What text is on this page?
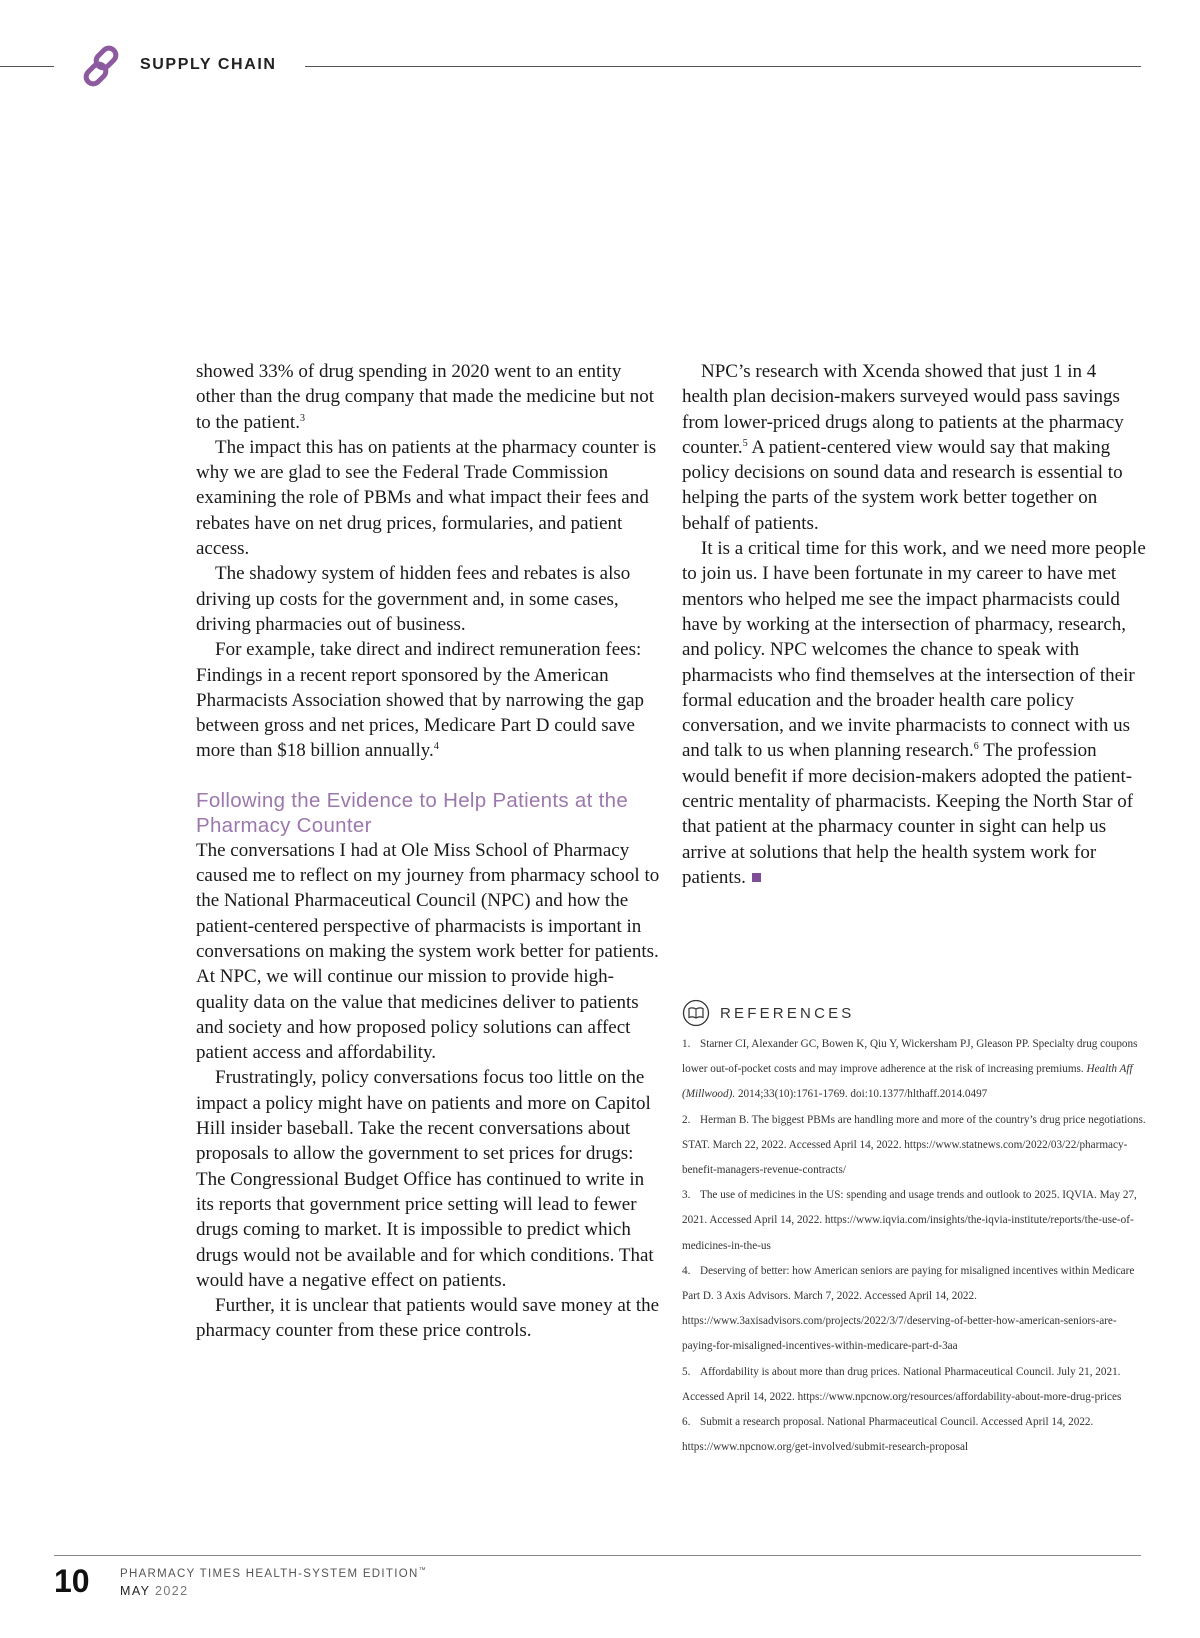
SUPPLY CHAIN

showed 33% of drug spending in 2020 went to an entity other than the drug company that made the medicine but not to the patient.$^3$

The impact this has on patients at the pharmacy counter is why we are glad to see the Federal Trade Commission examining the role of PBMs and what impact their fees and rebates have on net drug prices, formularies, and patient access.

The shadowy system of hidden fees and rebates is also driving up costs for the government and, in some cases, driving pharmacies out of business.

For example, take direct and indirect remuneration fees: Findings in a recent report sponsored by the American Pharmacists Association showed that by narrowing the gap between gross and net prices, Medicare Part D could save more than $18 billion annually.$^4$

Following the Evidence to Help Patients at the Pharmacy Counter

The conversations I had at Ole Miss School of Pharmacy caused me to reflect on my journey from pharmacy school to the National Pharmaceutical Council (NPC) and how the patient-centered perspective of pharmacists is important in conversations on making the system work better for patients. At NPC, we will continue our mission to provide high-quality data on the value that medicines deliver to patients and society and how proposed policy solutions can affect patient access and affordability.

Frustratingly, policy conversations focus too little on the impact a policy might have on patients and more on Capitol Hill insider baseball. Take the recent conversations about proposals to allow the government to set prices for drugs: The Congressional Budget Office has continued to write in its reports that government price setting will lead to fewer drugs coming to market. It is impossible to predict which drugs would not be available and for which conditions. That would have a negative effect on patients.

Further, it is unclear that patients would save money at the pharmacy counter from these price controls.

NPC’s research with Xcenda showed that just 1 in 4 health plan decision-makers surveyed would pass savings from lower-priced drugs along to patients at the pharmacy counter.$^5$ A patient-centered view would say that making policy decisions on sound data and research is essential to helping the parts of the system work better together on behalf of patients.

It is a critical time for this work, and we need more people to join us. I have been fortunate in my career to have met mentors who helped me see the impact pharmacists could have by working at the intersection of pharmacy, research, and policy. NPC welcomes the chance to speak with pharmacists who find themselves at the intersection of their formal education and the broader health care policy conversation, and we invite pharmacists to connect with us and talk to us when planning research.$^6$ The profession would benefit if more decision-makers adopted the patient-centric mentality of pharmacists. Keeping the North Star of that patient at the pharmacy counter in sight can help us arrive at solutions that help the health system work for patients.

REFERENCES
1. Starner CI, Alexander GC, Bowen K, Qiu Y, Wickersham PJ, Gleason PP. Specialty drug coupons lower out-of-pocket costs and may improve adherence at the risk of increasing premiums. Health Aff (Millwood). 2014;33(10):1761-1769. doi:10.1377/hlthaff.2014.0497
2. Herman B. The biggest PBMs are handling more and more of the country’s drug price negotiations. STAT. March 22, 2022. Accessed April 14, 2022. https://www.statnews.com/2022/03/22/pharmacy-benefit-managers-revenue-contracts/
3. The use of medicines in the US: spending and usage trends and outlook to 2025. IQVIA. May 27, 2021. Accessed April 14, 2022. https://www.iqvia.com/insights/the-iqvia-institute/reports/the-use-of-medicines-in-the-us
4. Deserving of better: how American seniors are paying for misaligned incentives within Medicare Part D. 3 Axis Advisors. March 7, 2022. Accessed April 14, 2022. https://www.3axisadvisors.com/projects/2022/3/7/deserving-of-better-how-american-seniors-are-paying-for-misaligned-incentives-within-medicare-part-d-3aa
5. Affordability is about more than drug prices. National Pharmaceutical Council. July 21, 2021. Accessed April 14, 2022. https://www.npcnow.org/resources/affordability-about-more-drug-prices
6. Submit a research proposal. National Pharmaceutical Council. Accessed April 14, 2022. https://www.npcnow.org/get-involved/submit-research-proposal
10	PHARMACY TIMES HEALTH-SYSTEM EDITION™
MAY 2022
